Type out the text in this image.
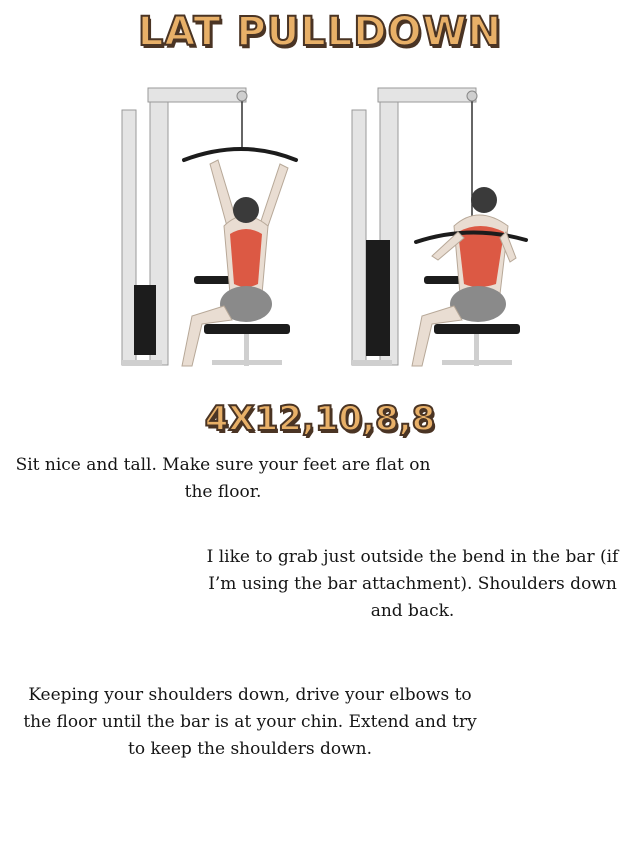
LAT PULLDOWN
4X12,10,8,8
Sit nice and tall. Make sure your feet are flat on the floor.
I like to grab just outside the bend in the bar (if I’m using the bar attachment). Shoulders down and back.
Keeping your shoulders down, drive your elbows to the floor until the bar is at your chin. Extend and try to keep the shoulders down.
